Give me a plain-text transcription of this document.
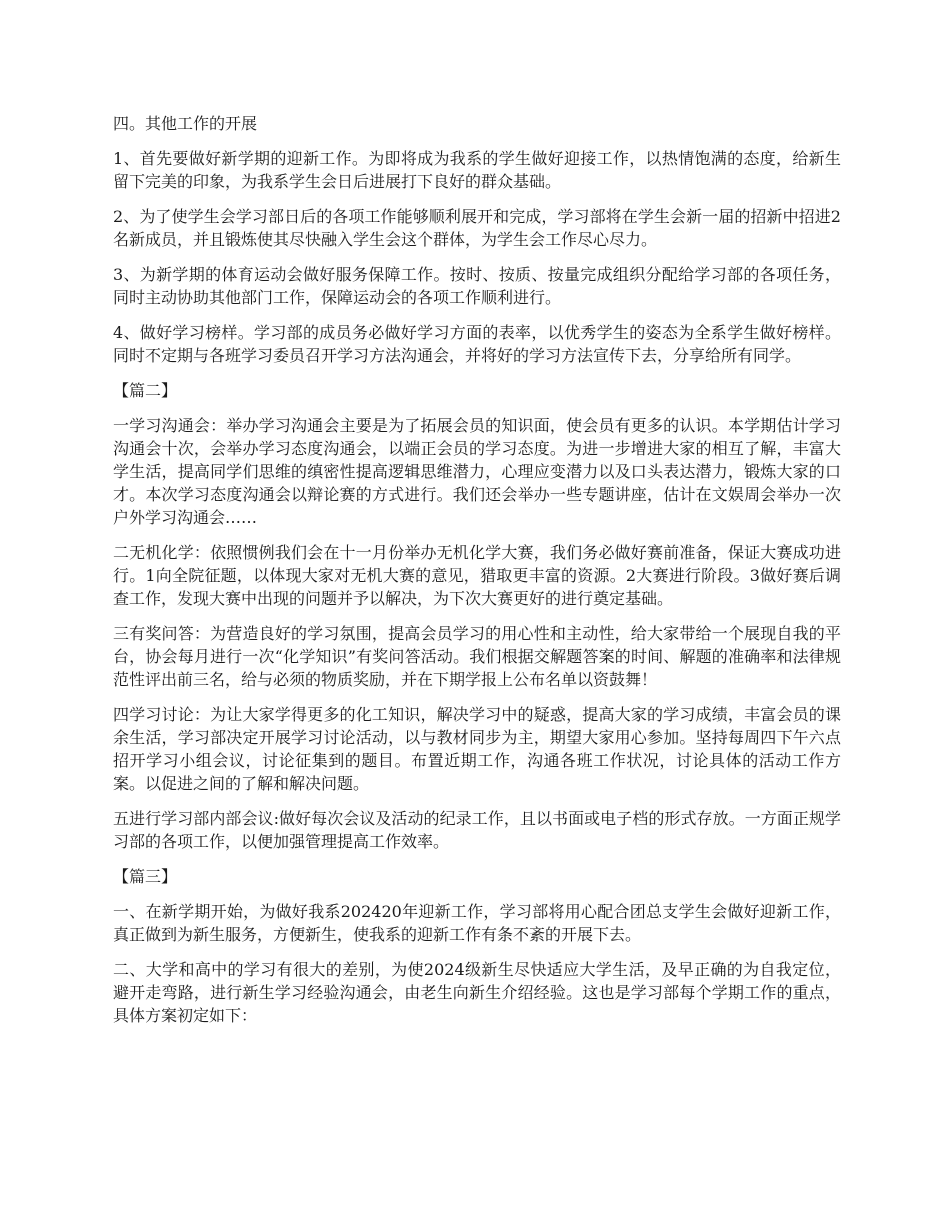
四。其他工作的开展

1、首先要做好新学期的迎新工作。为即将成为我系的学生做好迎接工作，以热情饱满的态度，给新生留下完美的印象，为我系学生会日后进展打下良好的群众基础。

2、为了使学生会学习部日后的各项工作能够顺利展开和完成，学习部将在学生会新一届的招新中招进2名新成员，并且锻炼使其尽快融入学生会这个群体，为学生会工作尽心尽力。

3、为新学期的体育运动会做好服务保障工作。按时、按质、按量完成组织分配给学习部的各项任务，同时主动协助其他部门工作，保障运动会的各项工作顺利进行。

4、做好学习榜样。学习部的成员务必做好学习方面的表率，以优秀学生的姿态为全系学生做好榜样。同时不定期与各班学习委员召开学习方法沟通会，并将好的学习方法宣传下去，分享给所有同学。

【篇二】

一学习沟通会：举办学习沟通会主要是为了拓展会员的知识面，使会员有更多的认识。本学期估计学习沟通会十次，会举办学习态度沟通会，以端正会员的学习态度。为进一步增进大家的相互了解，丰富大学生活，提高同学们思维的缜密性提高逻辑思维潜力，心理应变潜力以及口头表达潜力，锻炼大家的口才。本次学习态度沟通会以辩论赛的方式进行。我们还会举办一些专题讲座，估计在文娱周会举办一次户外学习沟通会……

二无机化学：依照惯例我们会在十一月份举办无机化学大赛，我们务必做好赛前准备，保证大赛成功进行。1向全院征题，以体现大家对无机大赛的意见，猎取更丰富的资源。2大赛进行阶段。3做好赛后调查工作，发现大赛中出现的问题并予以解决，为下次大赛更好的进行奠定基础。

三有奖问答：为营造良好的学习氛围，提高会员学习的用心性和主动性，给大家带给一个展现自我的平台，协会每月进行一次“化学知识”有奖问答活动。我们根据交解题答案的时间、解题的准确率和法律规范性评出前三名，给与必须的物质奖励，并在下期学报上公布名单以资鼓舞！

四学习讨论：为让大家学得更多的化工知识，解决学习中的疑惑，提高大家的学习成绩，丰富会员的课余生活，学习部决定开展学习讨论活动，以与教材同步为主，期望大家用心参加。坚持每周四下午六点招开学习小组会议，讨论征集到的题目。布置近期工作，沟通各班工作状况，讨论具体的活动工作方案。以促进之间的了解和解决问题。

五进行学习部内部会议:做好每次会议及活动的纪录工作，且以书面或电子档的形式存放。一方面正规学习部的各项工作，以便加强管理提高工作效率。

【篇三】

一、在新学期开始，为做好我系202420年迎新工作，学习部将用心配合团总支学生会做好迎新工作，真正做到为新生服务，方便新生，使我系的迎新工作有条不紊的开展下去。

二、大学和高中的学习有很大的差别，为使2024级新生尽快适应大学生活，及早正确的为自我定位，避开走弯路，进行新生学习经验沟通会，由老生向新生介绍经验。这也是学习部每个学期工作的重点，具体方案初定如下：
